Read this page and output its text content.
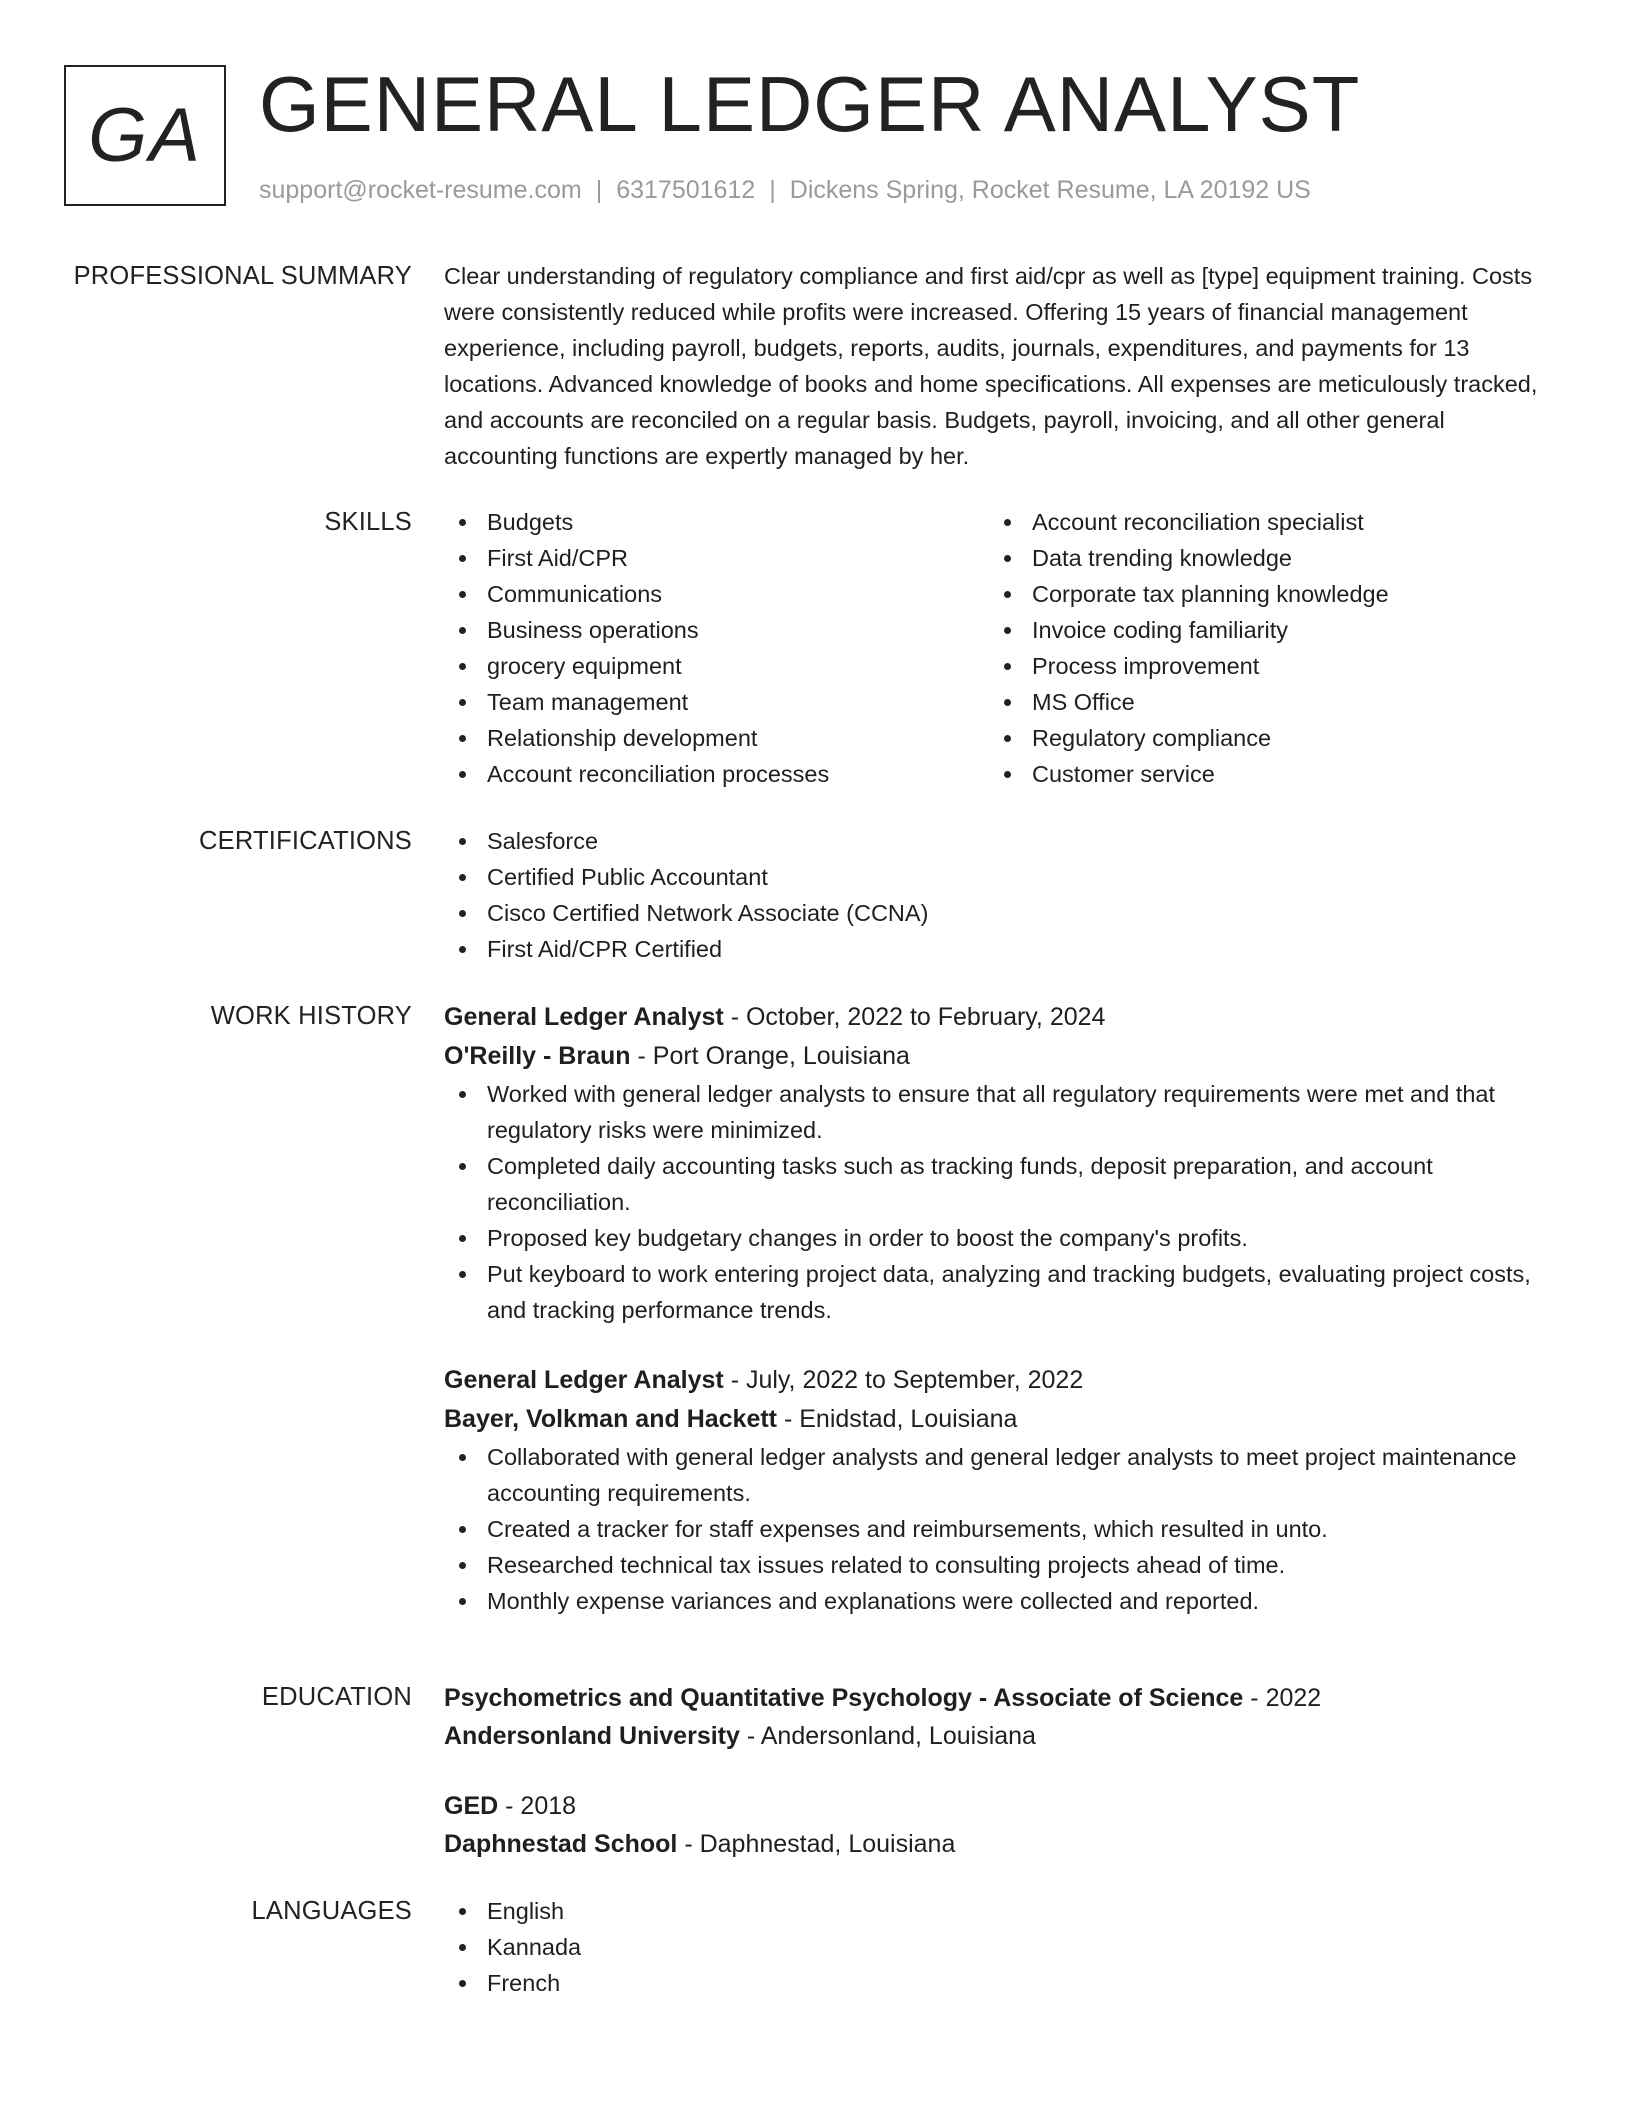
GA GENERAL LEDGER ANALYST
support@rocket-resume.com | 6317501612 | Dickens Spring, Rocket Resume, LA 20192 US
PROFESSIONAL SUMMARY Clear understanding of regulatory compliance and first aid/cpr as well as [type] equipment training. Costs were consistently reduced while profits were increased. Offering 15 years of financial management experience, including payroll, budgets, reports, audits, journals, expenditures, and payments for 13 locations. Advanced knowledge of books and home specifications. All expenses are meticulously tracked, and accounts are reconciled on a regular basis. Budgets, payroll, invoicing, and all other general accounting functions are expertly managed by her.

SKILLS	Budgets
First Aid/CPR
Communications
Business operations
grocery equipment
Team management
Relationship development
Account reconciliation processes
Account reconciliation specialist
Data trending knowledge
Corporate tax planning knowledge
Invoice coding familiarity
Process improvement
MS Office
Regulatory compliance
Customer service
CERTIFICATIONS	Salesforce
Certified Public Accountant
Cisco Certified Network Associate (CCNA)
First Aid/CPR Certified
WORK HISTORY General Ledger Analyst - October, 2022 to February, 2024
O'Reilly - Braun - Port Orange, Louisiana
Worked with general ledger analysts to ensure that all regulatory requirements were met and that regulatory risks were minimized.
Completed daily accounting tasks such as tracking funds, deposit preparation, and account reconciliation.
Proposed key budgetary changes in order to boost the company's profits.
Put keyboard to work entering project data, analyzing and tracking budgets, evaluating project costs, and tracking performance trends.
General Ledger Analyst - July, 2022 to September, 2022
Bayer, Volkman and Hackett - Enidstad, Louisiana
Collaborated with general ledger analysts and general ledger analysts to meet project maintenance accounting requirements.
Created a tracker for staff expenses and reimbursements, which resulted in unto.
Researched technical tax issues related to consulting projects ahead of time.
Monthly expense variances and explanations were collected and reported.
EDUCATION Psychometrics and Quantitative Psychology - Associate of Science - 2022
Andersonland University - Andersonland, Louisiana
GED - 2018
Daphnestad School - Daphnestad, Louisiana
LANGUAGES	English
Kannada
French
